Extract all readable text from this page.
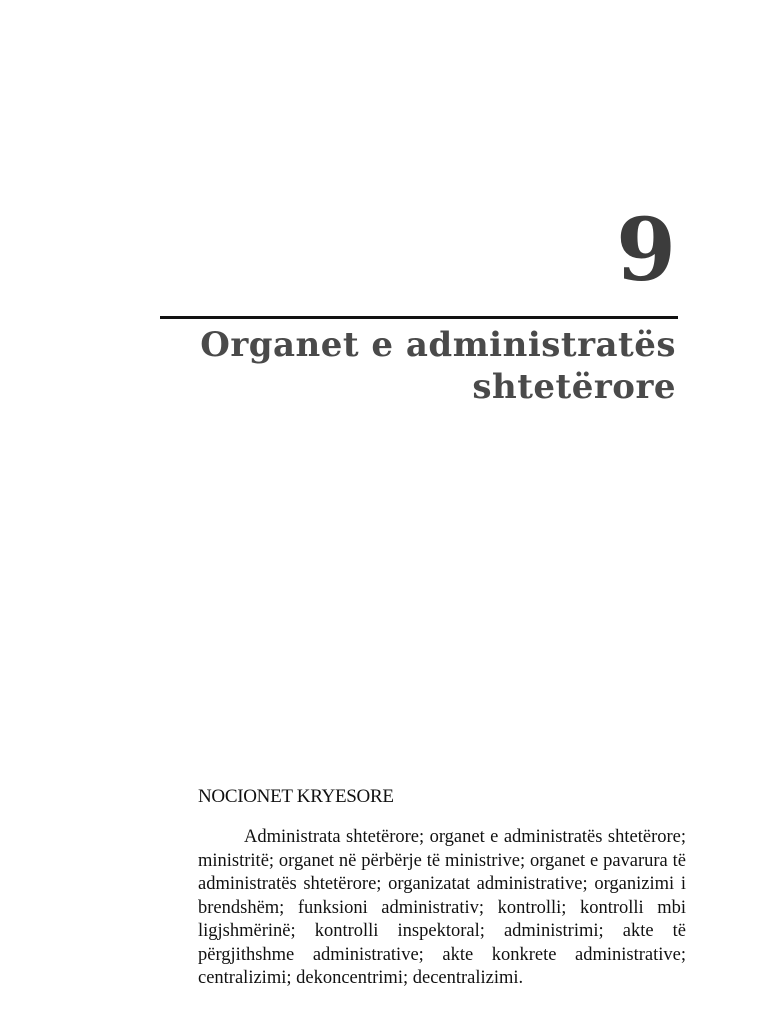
9
Organet e administratës
shtetërore
NOCIONET KRYESORE

Administrata shtetërore; organet e administratës shtetërore; ministritë; organet në përbërje të ministrive; organet e pavarura të administratës shtetërore; organizatat administrative; organizimi i brendshëm; funksioni administrativ; kontrolli; kontrolli mbi ligjshmërinë; kontrolli inspektoral; administrimi; akte të përgjithshme administrative; akte konkrete administrative; centralizimi; dekoncentrimi; decentralizimi.
